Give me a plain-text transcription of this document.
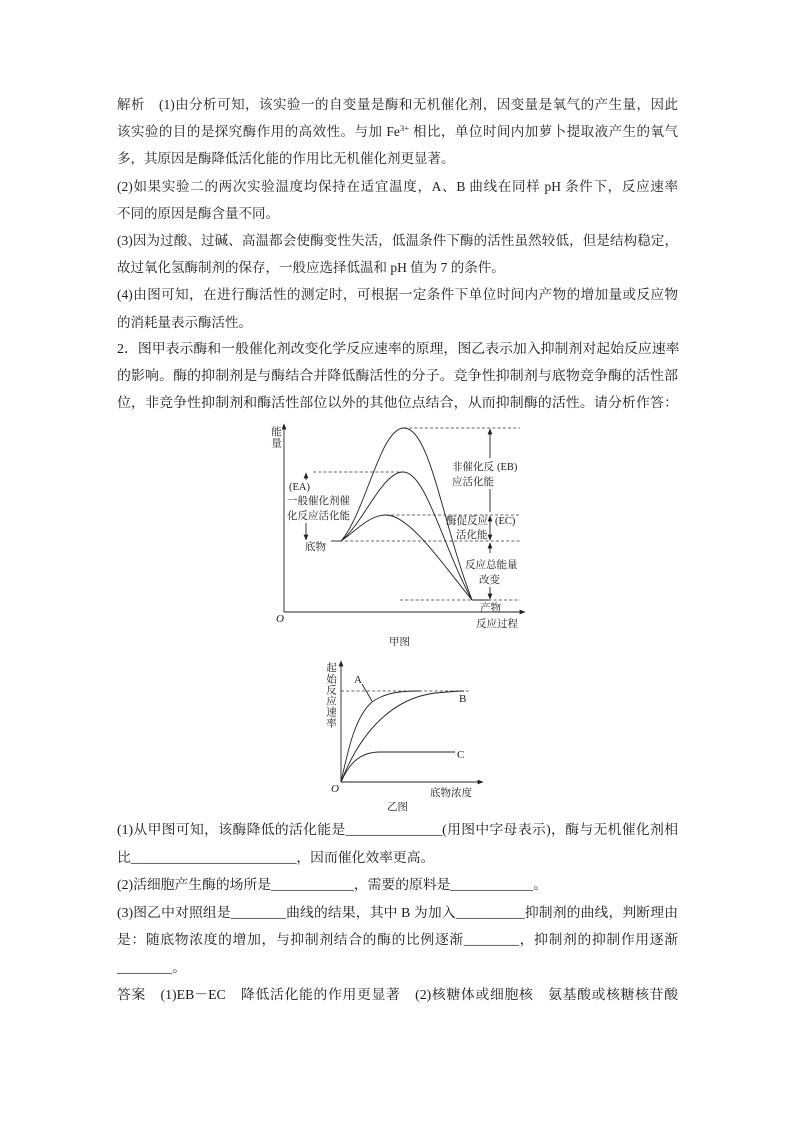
解析　(1)由分析可知，该实验一的自变量是酶和无机催化剂，因变量是氧气的产生量，因此
该实验的目的是探究酶作用的高效性。与加 $Fe^{3+}$ 相比，单位时间内加萝卜提取液产生的氧气
多，其原因是酶降低活化能的作用比无机催化剂更显著。
(2)如果实验二的两次实验温度均保持在适宜温度，A、B 曲线在同样 pH 条件下，反应速率
不同的原因是酶含量不同。
(3)因为过酸、过碱、高温都会使酶变性失活，低温条件下酶的活性虽然较低，但是结构稳定，
故过氧化氢酶制剂的保存，一般应选择低温和 pH 值为 7 的条件。
(4)由图可知，在进行酶活性的测定时，可根据一定条件下单位时间内产物的增加量或反应物
的消耗量表示酶活性。
2．图甲表示酶和一般催化剂改变化学反应速率的原理，图乙表示加入抑制剂对起始反应速率
的影响。酶的抑制剂是与酶结合并降低酶活性的分子。竞争性抑制剂与底物竞争酶的活性部
位，非竞争性抑制剂和酶活性部位以外的其他位点结合，从而抑制酶的活性。请分析作答：
能量
(EA)
一般催化剂催
化反应活化能
底物
非催化反 (EB)
应活化能
酶促反应 (EC)
活化能
反应总能量
改变
产物
O	反应过程
甲图
起始反应速率 A
B
C
O	底物浓度
乙图
(1)从甲图可知，该酶降低的活化能是______________(用图中字母表示)，酶与无机催化剂相
比________________________，因而催化效率更高。
(2)活细胞产生酶的场所是____________，需要的原料是____________。
(3)图乙中对照组是________曲线的结果，其中 B 为加入__________抑制剂的曲线，判断理由
是：随底物浓度的增加，与抑制剂结合的酶的比例逐渐________，抑制剂的抑制作用逐渐
________。
答案　(1)EB－EC　降低活化能的作用更显著　(2)核糖体或细胞核　氨基酸或核糖核苷酸
